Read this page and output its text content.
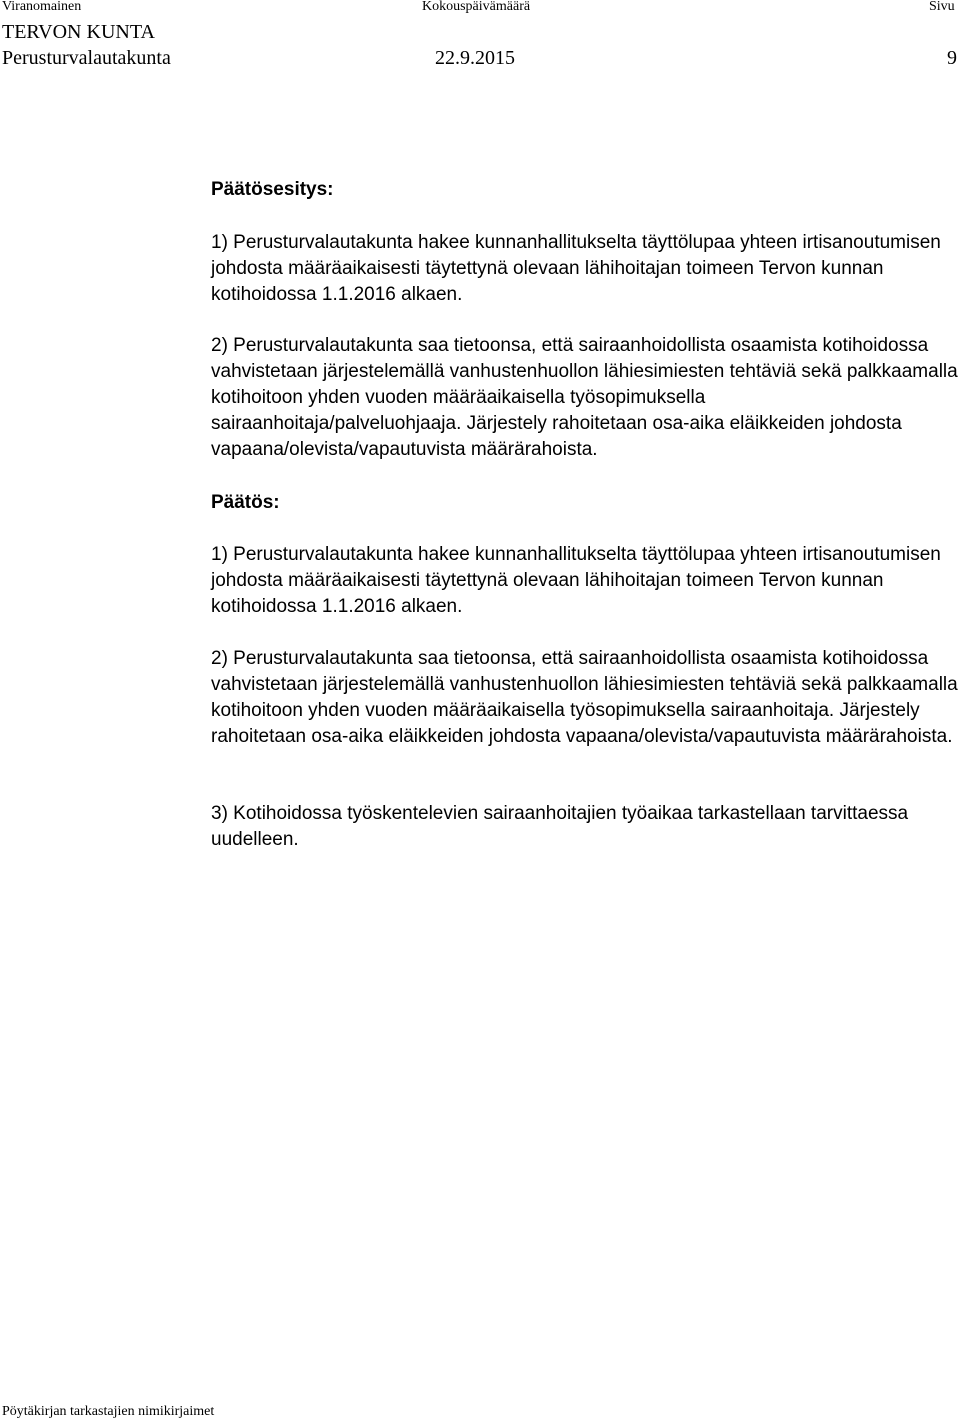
Viranomainen	Kokouspäivämäärä	Sivu
TERVON KUNTA
Perusturvalautakunta	22.9.2015	9
Päätösesitys:

1) Perusturvalautakunta hakee kunnanhallitukselta täyttölupaa yhteen irtisanoutumisen johdosta määräaikaisesti täytettynä olevaan lähihoitajan toimeen Tervon kunnan kotihoidossa 1.1.2016 alkaen.

2) Perusturvalautakunta saa tietoonsa, että sairaanhoidollista osaamista kotihoidossa vahvistetaan järjestelemällä vanhustenhuollon lähiesimiesten tehtäviä sekä palkkaamalla kotihoitoon yhden vuoden määräaikaisella työsopimuksella sairaanhoitaja/palveluohjaaja. Järjestely rahoitetaan osa-aika eläikkeiden johdosta vapaana/olevista/vapautuvista määrärahoista.

Päätös:

1) Perusturvalautakunta hakee kunnanhallitukselta täyttölupaa yhteen irtisanoutumisen johdosta määräaikaisesti täytettynä olevaan lähihoitajan toimeen Tervon kunnan kotihoidossa 1.1.2016 alkaen.

2) Perusturvalautakunta saa tietoonsa, että sairaanhoidollista osaamista kotihoidossa vahvistetaan järjestelemällä vanhustenhuollon lähiesimiesten tehtäviä sekä palkkaamalla kotihoitoon yhden vuoden määräaikaisella työsopimuksella sairaanhoitaja. Järjestely rahoitetaan osa-aika eläikkeiden johdosta vapaana/olevista/vapautuvista määrärahoista.

3) Kotihoidossa työskentelevien sairaanhoitajien työaikaa tarkastellaan tarvittaessa uudelleen.

Pöytäkirjan tarkastajien nimikirjaimet
